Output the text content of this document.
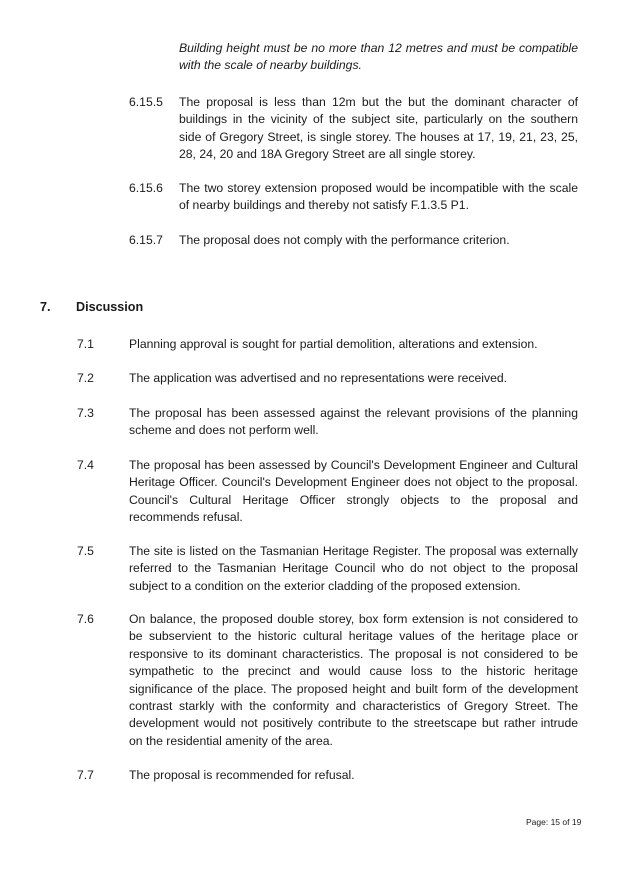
Building height must be no more than 12 metres and must be compatible with the scale of nearby buildings.
6.15.5 The proposal is less than 12m but the but the dominant character of buildings in the vicinity of the subject site, particularly on the southern side of Gregory Street, is single storey. The houses at 17, 19, 21, 23, 25, 28, 24, 20 and 18A Gregory Street are all single storey.
6.15.6 The two storey extension proposed would be incompatible with the scale of nearby buildings and thereby not satisfy F.1.3.5 P1.
6.15.7 The proposal does not comply with the performance criterion.
7. Discussion
7.1	Planning approval is sought for partial demolition, alterations and extension.
7.2	The application was advertised and no representations were received.
7.3	The proposal has been assessed against the relevant provisions of the planning scheme and does not perform well.
7.4	The proposal has been assessed by Council's Development Engineer and Cultural Heritage Officer. Council's Development Engineer does not object to the proposal. Council's Cultural Heritage Officer strongly objects to the proposal and recommends refusal.
7.5	The site is listed on the Tasmanian Heritage Register. The proposal was externally referred to the Tasmanian Heritage Council who do not object to the proposal subject to a condition on the exterior cladding of the proposed extension.
7.6	On balance, the proposed double storey, box form extension is not considered to be subservient to the historic cultural heritage values of the heritage place or responsive to its dominant characteristics. The proposal is not considered to be sympathetic to the precinct and would cause loss to the historic heritage significance of the place. The proposed height and built form of the development contrast starkly with the conformity and characteristics of Gregory Street. The development would not positively contribute to the streetscape but rather intrude on the residential amenity of the area.
7.7	The proposal is recommended for refusal.
Page: 15 of 19
